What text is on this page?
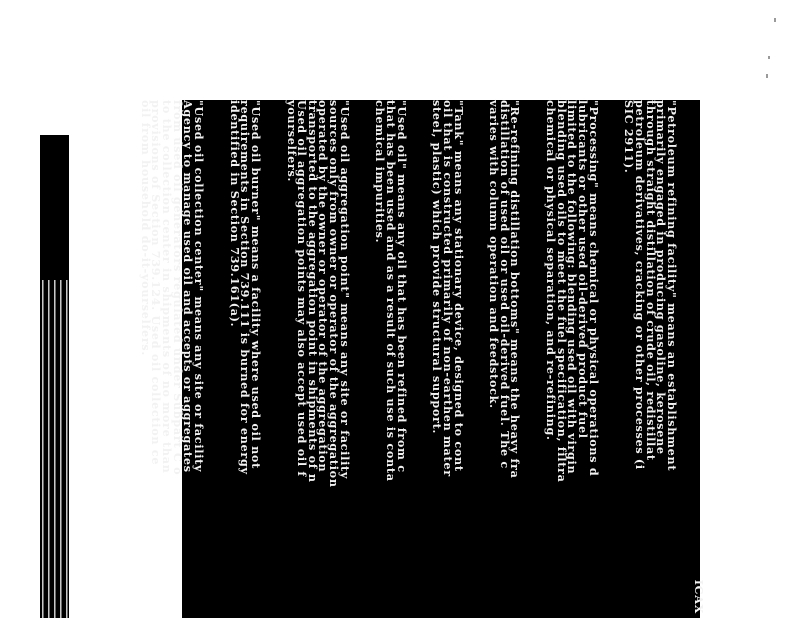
"Petroleum refining facility" means an establishment
primarily engaged in producing gasoline, kerosene
through straight distillation of crude oil, redistillat
petroleum derivatives, cracking or other processes (i
SIC 2911).

"Processing" means chemical or physical operations d
lubricants or other used oil-derived product fuel
limited to the following: blending used oil with virgin
blending used oils to meet the fuel specification, filtra
chemical or physical separation, and re-refining.

"Re-refining distillation bottoms" means the heavy fra
distillation of used oil or used oil-derived fuel. The c
varies with column operation and feedstock.

"Tank" means any stationary device, designed to cont
oil that is constructed primarily of non-earthen mater
steel, plastic) which provide structural support.

"Used oil" means any oil that has been refined from c
that has been used and as a result of such use is conta
chemical impurities.

"Used oil aggregation point" means any site or facility
sources only from owner or operator of the aggregation
operated by the owner or operator of the aggregation
transported to the aggregation point in shipments of n
Used oil aggregation points may also accept used oil f
yourselfers.

"Used oil burner" means a facility where used oil not
requirements in Section 739.111 is burned for energy
identified in Section 739.161(a).

"Used oil collection center" means any site or facility
Agency to manage used oil and accepts or aggregates
from used oil generators regulated under Subpart C o
to the collection center in shipments of no more than
provisions of Section 739.124. Used oil collection ce
oil from household do-it-yourselfers.

ICAX
